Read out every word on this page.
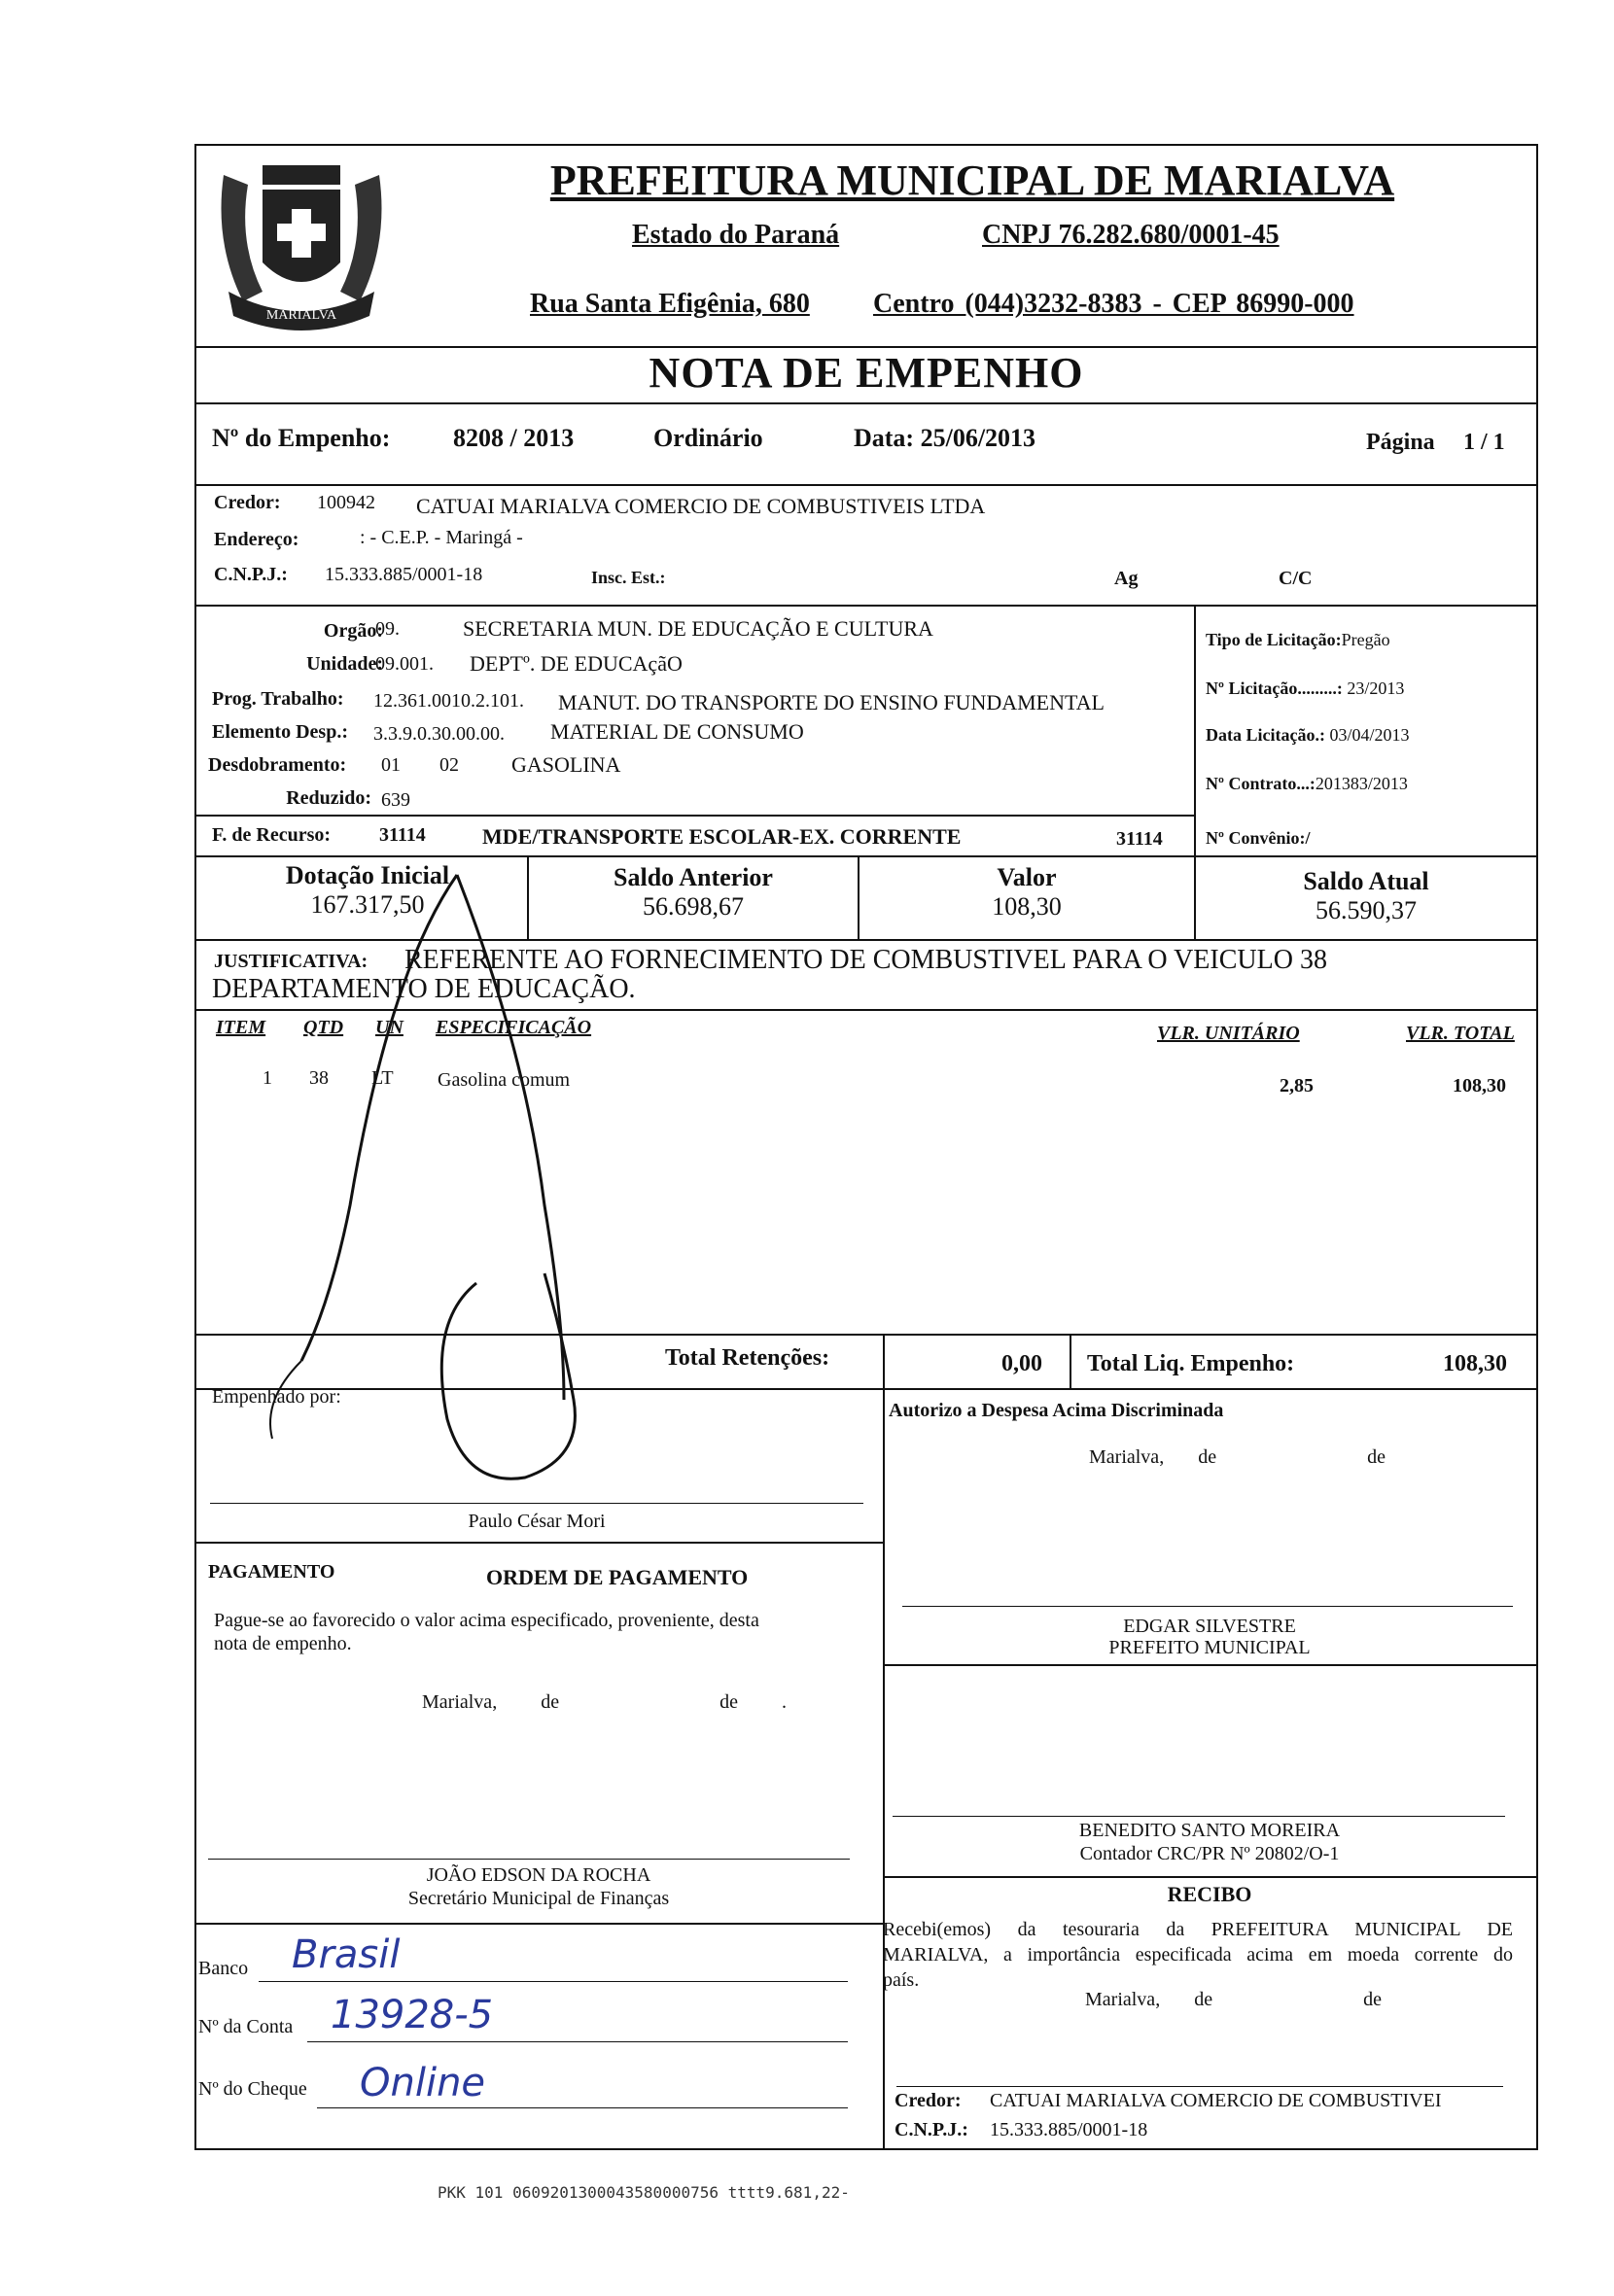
MARIALVA
PREFEITURA MUNICIPAL DE MARIALVA
Estado do Paraná	CNPJ 76.282.680/0001-45
Rua Santa Efigênia, 680 Centro (044)3232-8383 - CEP 86990-000
NOTA DE EMPENHO
Nº do Empenho: 8208 / 2013	Ordinário	Data: 25/06/2013	Página 1 / 1
Credor: 100942 CATUAI MARIALVA COMERCIO DE COMBUSTIVEIS LTDA
Endereço:	: - C.E.P. - Maringá -
C.N.P.J.: 15.333.885/0001-18	Insc. Est.:	Ag	C/C
Orgão:
09.	SECRETARIA MUN. DE EDUCAÇÃO E CULTURA
Unidade:
09.001. DEPTº. DE EDUCAçãO
Prog. Trabalho: 12.361.0010.2.101. MANUT. DO TRANSPORTE DO ENSINO FUNDAMENTAL
Elemento Desp.: 3.3.9.0.30.00.00. MATERIAL DE CONSUMO
Desdobramento: 01 02 GASOLINA
Reduzido: 639
F. de Recurso: 31114	MDE/TRANSPORTE ESCOLAR-EX. CORRENTE	31114
Tipo de Licitação:Pregão
Nº Licitação.........: 23/2013
Data Licitação.: 03/04/2013
Nº Contrato...:201383/2013
Nº Convênio:/
Dotação Inicial
167.317,50
Saldo Anterior
56.698,67
Valor
108,30
Saldo Atual
56.590,37
JUSTIFICATIVA: REFERENTE AO FORNECIMENTO DE COMBUSTIVEL PARA O VEICULO 38
DEPARTAMENTO DE EDUCAÇÃO.
ITEM QTD UN ESPECIFICAÇÃO	VLR. UNITÁRIO	VLR. TOTAL
1 38 LT Gasolina comum	2,85	108,30
Total Retenções:	0,00 Total Liq. Empenho:	108,30
Empenhado por:
Paulo César Mori
Autorizo a Despesa Acima Discriminada
Marialva, de	de
EDGAR SILVESTRE
PREFEITO MUNICIPAL
BENEDITO SANTO MOREIRA
Contador CRC/PR Nº 20802/O-1
PAGAMENTO	ORDEM DE PAGAMENTO
Pague-se ao favorecido o valor acima especificado, proveniente, desta
nota de empenho.
Marialva, de	de .
JOÃO EDSON DA ROCHA
Secretário Municipal de Finanças
Banco Brasil
Nº da Conta 13928-5
Nº do Cheque Online
RECIBO
Recebi(emos) da tesouraria da PREFEITURA MUNICIPAL DE
MARIALVA, a importância especificada acima em moeda corrente do
país.
Marialva, de	de
Credor: CATUAI MARIALVA COMERCIO DE COMBUSTIVEI
C.N.P.J.: 15.333.885/0001-18
PKK 101 0609201300043580000756 tttt9.681,22-
